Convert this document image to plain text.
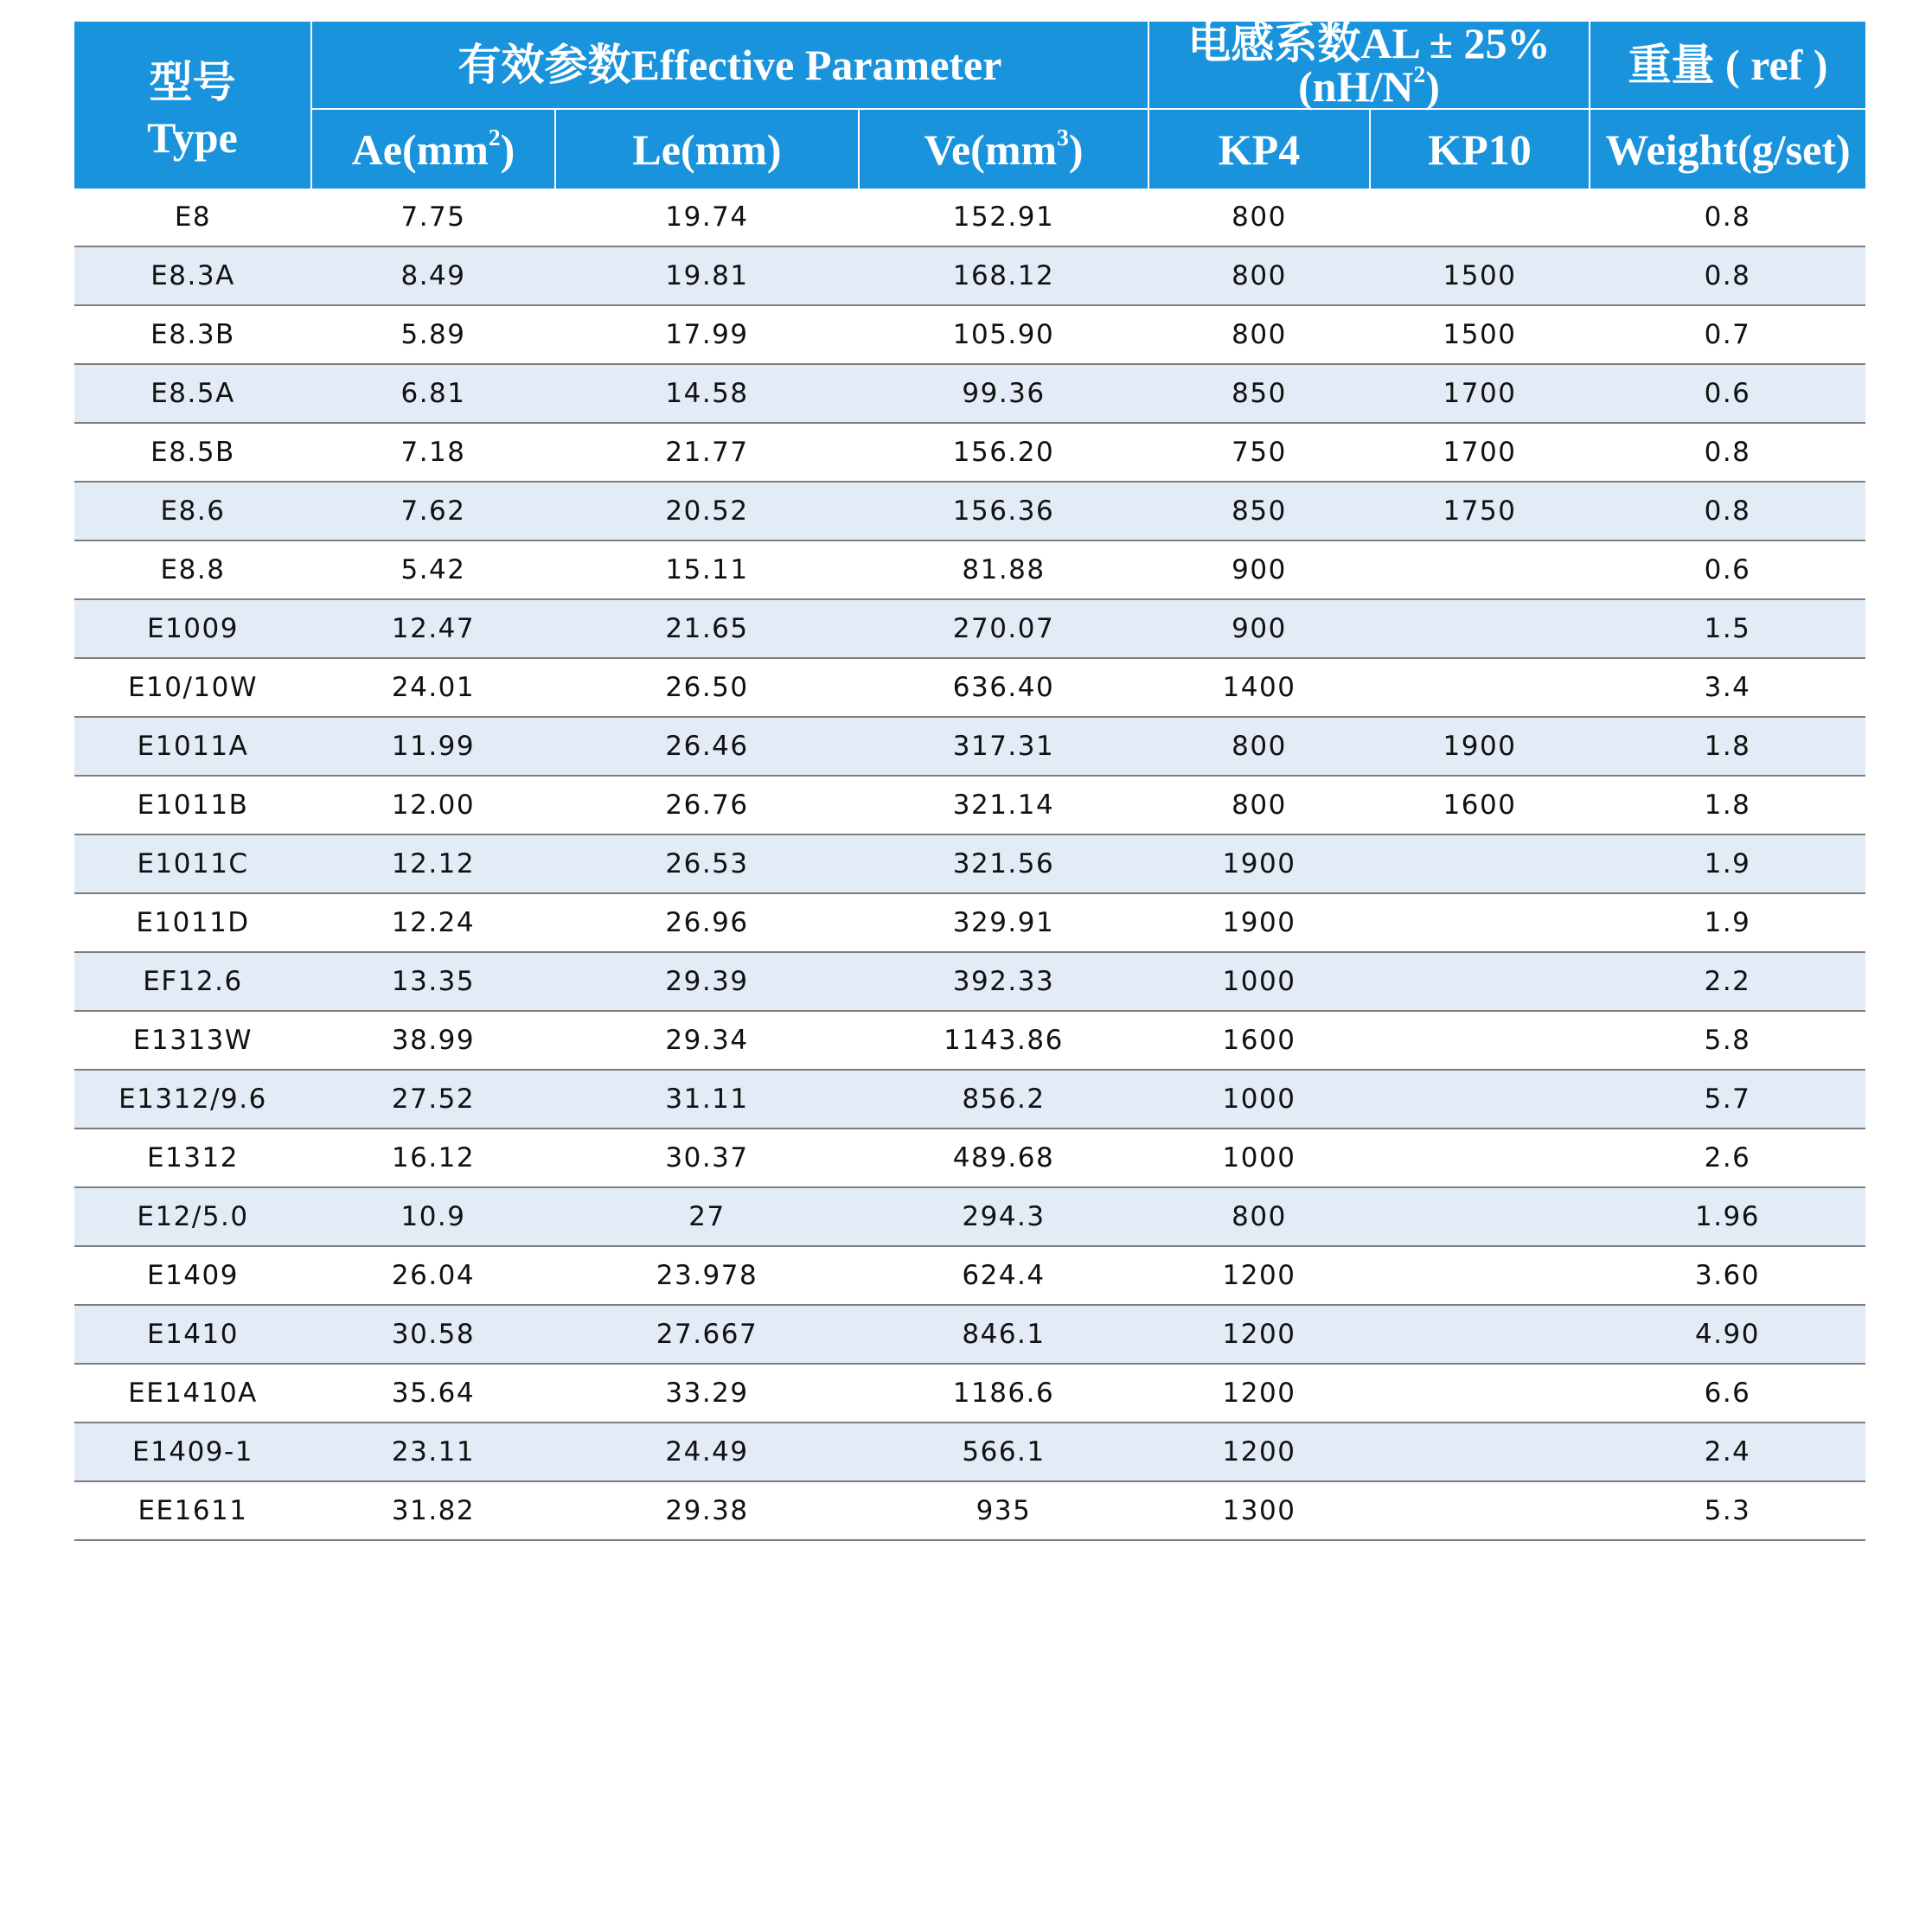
型号	有效参数Effective Parameter			电感系数AL ± $25\%(nH/N^2)$		重量 ( ref )
Type	$Ae(mm^2)$	Le(mm)	$Ve(mm^3)$	KP4	KP10	Weight(g/set)
E8	7.75	19.74	152.91	800		0.8
E8.3A	8.49	19.81	168.12	800	1500	0.8
E8.3B	5.89	17.99	105.90	800	1500	0.7
E8.5A	6.81	14.58	99.36	850	1700	0.6
E8.5B	7.18	21.77	156.20	750	1700	0.8
E8.6	7.62	20.52	156.36	850	1750	0.8
E8.8	5.42	15.11	81.88	900		0.6
E1009	12.47	21.65	270.07	900		1.5
E10/10W	24.01	26.50	636.40	1400		3.4
E1011A	11.99	26.46	317.31	800	1900	1.8
E1011B	12.00	26.76	321.14	800	1600	1.8
E1011C	12.12	26.53	321.56	1900		1.9
E1011D	12.24	26.96	329.91	1900		1.9
EF12.6	13.35	29.39	392.33	1000		2.2
E1313W	38.99	29.34	1143.86	1600		5.8
E1312/9.6	27.52	31.11	856.2	1000		5.7
E1312	16.12	30.37	489.68	1000		2.6
E12/5.0	10.9	27	294.3	800		1.96
E1409	26.04	23.978	624.4	1200		3.60
E1410	30.58	27.667	846.1	1200		4.90
EE1410A	35.64	33.29	1186.6	1200		6.6
E1409-1	23.11	24.49	566.1	1200		2.4
EE1611	31.82	29.38	935	1300		5.3
